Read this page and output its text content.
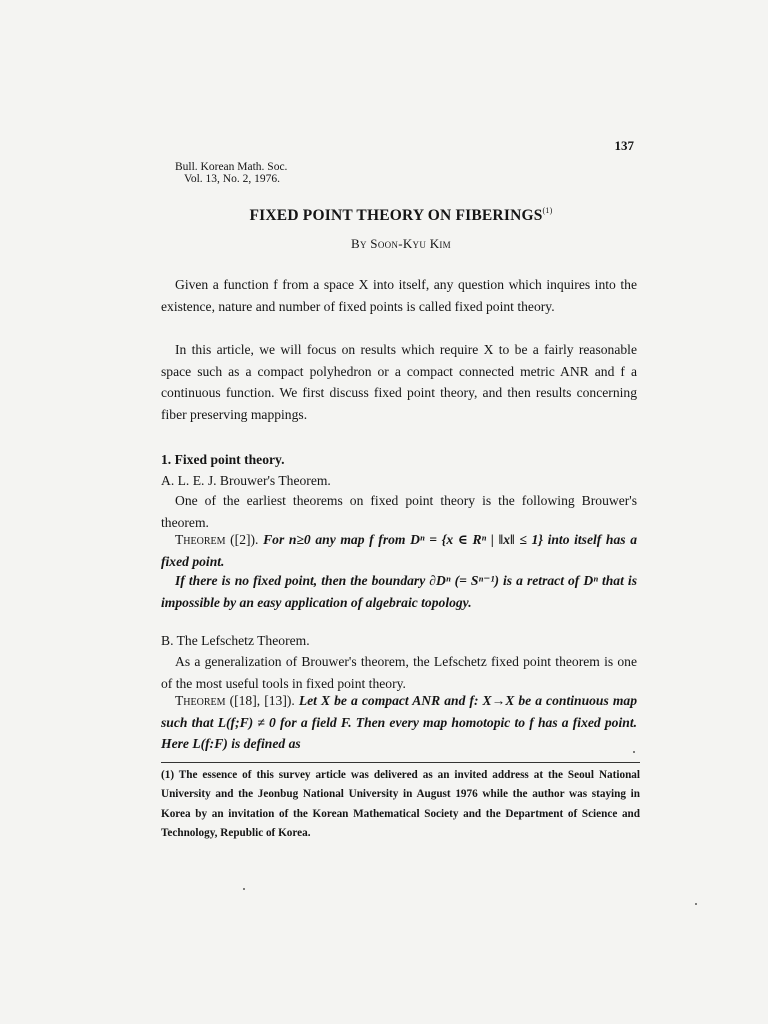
137
Bull. Korean Math. Soc.
Vol. 13, No. 2, 1976.
FIXED POINT THEORY ON FIBERINGS$^{(1)}$
By Soon-Kyu Kim
Given a function f from a space X into itself, any question which inquires into the existence, nature and number of fixed points is called fixed point theory.
In this article, we will focus on results which require X to be a fairly reasonable space such as a compact polyhedron or a compact connected metric ANR and f a continuous function. We first discuss fixed point theory, and then results concerning fiber preserving mappings.
1. Fixed point theory.
A. L. E. J. Brouwer's Theorem.
One of the earliest theorems on fixed point theory is the following Brouwer's theorem.
Theorem ([2]). For n≥0 any map f from Dⁿ = {x ∈ Rⁿ | ‖x‖ ≤ 1} into itself has a fixed point.
If there is no fixed point, then the boundary ∂Dⁿ (= Sⁿ⁻¹) is a retract of Dⁿ that is impossible by an easy application of algebraic topology.
B. The Lefschetz Theorem.
As a generalization of Brouwer's theorem, the Lefschetz fixed point theorem is one of the most useful tools in fixed point theory.
Theorem ([18], [13]). Let X be a compact ANR and f: X→X be a continuous map such that L(f;F) ≠ 0 for a field F. Then every map homotopic to f has a fixed point. Here L(f:F) is defined as
(1) The essence of this survey article was delivered as an invited address at the Seoul National University and the Jeonbug National University in August 1976 while the author was staying in Korea by an invitation of the Korean Mathematical Society and the Department of Science and Technology, Republic of Korea.
